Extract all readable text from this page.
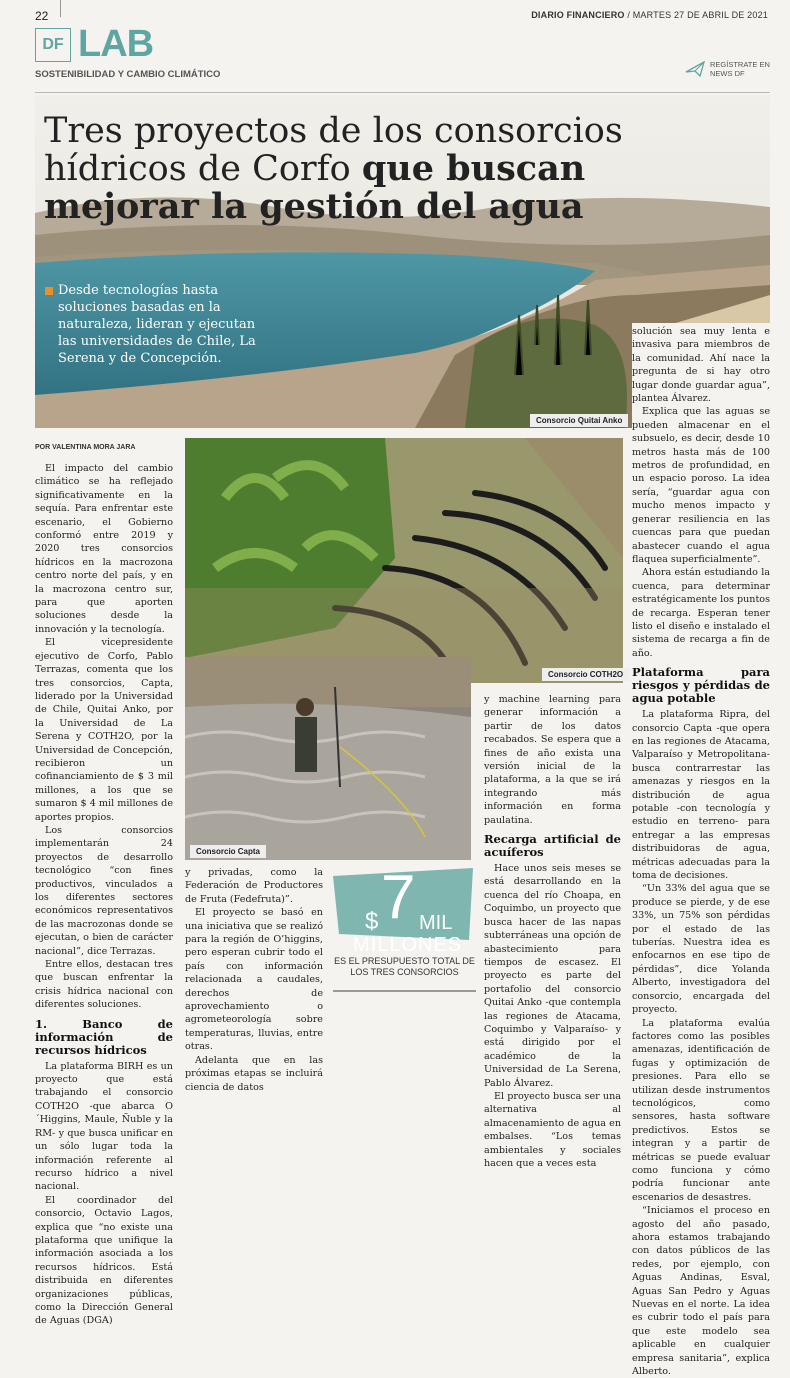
22	DIARIO FINANCIERO / MARTES 27 DE ABRIL DE 2021
DF LAB
SOSTENIBILIDAD Y CAMBIO CLIMÁTICO
REGÍSTRATE EN
NEWS DF
Tres proyectos de los consorcios hídricos de Corfo que buscan mejorar la gestión del agua
Desde tecnologías hasta soluciones basadas en la naturaleza, lideran y ejecutan las universidades de Chile, La Serena y de Concepción.
Consorcio Quitai Anko
Consorcio COTH2O
Consorcio Capta
POR VALENTINA MORA JARA

El impacto del cambio climático se ha reflejado significativamente en la sequía. Para enfrentar este escenario, el Gobierno conformó entre 2019 y 2020 tres consorcios hídricos en la macrozona centro norte del país, y en la macrozona centro sur, para que aporten soluciones desde la innovación y la tecnología.

El vicepresidente ejecutivo de Corfo, Pablo Terrazas, comenta que los tres consorcios, Capta, liderado por la Universidad de Chile, Quitai Anko, por la Universidad de La Serena y COTH2O, por la Universidad de Concepción, recibieron un cofinanciamiento de $ 3 mil millones, a los que se sumaron $ 4 mil millones de aportes propios.

Los consorcios implementarán 24 proyectos de desarrollo tecnológico “con fines productivos, vinculados a los diferentes sectores económicos representativos de las macrozonas donde se ejecutan, o bien de carácter nacional”, dice Terrazas.

Entre ellos, destacan tres que buscan enfrentar la crisis hídrica nacional con diferentes soluciones.

1. Banco de información de recursos hídricos

La plataforma BIRH es un proyecto que está trabajando el consorcio COTH2O -que abarca O´Higgins, Maule, Ñuble y la RM- y que busca unificar en un sólo lugar toda la información referente al recurso hídrico a nivel nacional.

El coordinador del consorcio, Octavio Lagos, explica que “no existe una plataforma que unifique la información asociada a los recursos hídricos. Está distribuida en diferentes organizaciones públicas, como la Dirección General de Aguas (DGA)

y privadas, como la Federación de Productores de Fruta (Fedefruta)”.

El proyecto se basó en una iniciativa que se realizó para la región de O’higgins, pero esperan cubrir todo el país con información relacionada a caudales, derechos de aprovechamiento o agrometeorología sobre temperaturas, lluvias, entre otras.

Adelanta que en las próximas etapas se incluirá ciencia de datos

$ 7 MIL
MILLONES
ES EL PRESUPUESTO TOTAL DE LOS TRES CONSORCIOS

y machine learning para generar información a partir de los datos recabados. Se espera que a fines de año exista una versión inicial de la plataforma, a la que se irá integrando más información en forma paulatina.

Recarga artificial de acuíferos

Hace unos seis meses se está desarrollando en la cuenca del río Choapa, en Coquimbo, un proyecto que busca hacer de las napas subterráneas una opción de abastecimiento para tiempos de escasez. El proyecto es parte del portafolio del consorcio Quitai Anko -que contempla las regiones de Atacama, Coquimbo y Valparaíso- y está dirigido por el académico de la Universidad de La Serena, Pablo Álvarez.

El proyecto busca ser una alternativa al almacenamiento de agua en embalses. “Los temas ambientales y sociales hacen que a veces esta

solución sea muy lenta e invasiva para miembros de la comunidad. Ahí nace la pregunta de si hay otro lugar donde guardar agua”, plantea Álvarez.

Explica que las aguas se pueden almacenar en el subsuelo, es decir, desde 10 metros hasta más de 100 metros de profundidad, en un espacio poroso. La idea sería, “guardar agua con mucho menos impacto y generar resiliencia en las cuencas para que puedan abastecer cuando el agua flaquea superficialmente”.

Ahora están estudiando la cuenca, para determinar estratégicamente los puntos de recarga. Esperan tener listo el diseño e instalado el sistema de recarga a fin de año.

Plataforma para riesgos y pérdidas de agua potable

La plataforma Ripra, del consorcio Capta -que opera en las regiones de Atacama, Valparaíso y Metropolitana- busca contrarrestar las amenazas y riesgos en la distribución de agua potable -con tecnología y estudio en terreno- para entregar a las empresas distribuidoras de agua, métricas adecuadas para la toma de decisiones.

“Un 33% del agua que se produce se pierde, y de ese 33%, un 75% son pérdidas por el estado de las tuberías. Nuestra idea es enfocarnos en ese tipo de pérdidas”, dice Yolanda Alberto, investigadora del consorcio, encargada del proyecto.

La plataforma evalúa factores como las posibles amenazas, identificación de fugas y optimización de presiones. Para ello se utilizan desde instrumentos tecnológicos, como sensores, hasta software predictivos. Estos se integran y a partir de métricas se puede evaluar como funciona y cómo podría funcionar ante escenarios de desastres.

“Iniciamos el proceso en agosto del año pasado, ahora estamos trabajando con datos públicos de las redes, por ejemplo, con Aguas Andinas, Esval, Aguas San Pedro y Aguas Nuevas en el norte. La idea es cubrir todo el país para que este modelo sea aplicable en cualquier empresa sanitaria”, explica Alberto.
